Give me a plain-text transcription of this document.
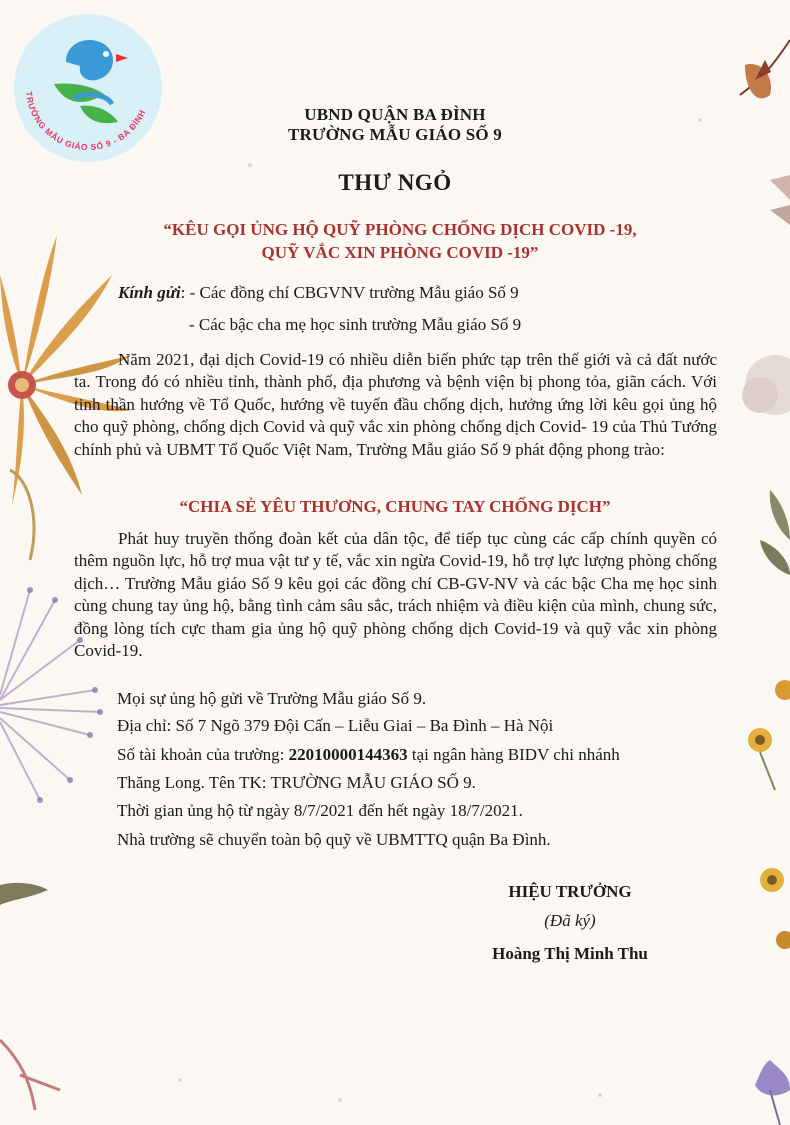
TRƯỜNG MẪU GIÁO SỐ 9 - BA ĐÌNH	UBND QUẬN BA ĐÌNH
TRƯỜNG MẪU GIÁO SỐ 9
THƯ NGỎ
“KÊU GỌI ỦNG HỘ QUỸ PHÒNG CHỐNG DỊCH COVID -19,
QUỸ VẮC XIN PHÒNG COVID -19”
Kính gửi: - Các đồng chí CBGVNV trường Mẫu giáo Số 9
- Các bậc cha mẹ học sinh trường Mẫu giáo Số 9
Năm 2021, đại dịch Covid-19 có nhiều diễn biến phức tạp trên thế giới và cả đất nước ta. Trong đó có nhiều tỉnh, thành phố, địa phương và bệnh viện bị phong tỏa, giãn cách. Với tinh thần hướng về Tổ Quốc, hướng về tuyến đầu chống dịch, hưởng ứng lời kêu gọi ủng hộ cho quỹ phòng, chống dịch Covid và quỹ vắc xin phòng chống dịch Covid- 19 của Thủ Tướng chính phủ và UBMT Tổ Quốc Việt Nam, Trường Mẫu giáo Số 9 phát động phong trào:
“CHIA SẺ YÊU THƯƠNG, CHUNG TAY CHỐNG DỊCH”
Phát huy truyền thống đoàn kết của dân tộc, để tiếp tục cùng các cấp chính quyền có thêm nguồn lực, hỗ trợ mua vật tư y tế, vắc xin ngừa Covid-19, hỗ trợ lực lượng phòng chống dịch… Trường Mẫu giáo Số 9 kêu gọi các đồng chí CB-GV-NV và các bậc Cha mẹ học sinh cùng chung tay ủng hộ, bằng tình cảm sâu sắc, trách nhiệm và điều kiện của mình, chung sức, đồng lòng tích cực tham gia ủng hộ quỹ phòng chống dịch Covid-19 và quỹ vắc xin phòng Covid-19.
Mọi sự ủng hộ gửi về Trường Mẫu giáo Số 9.
Địa chỉ: Số 7 Ngõ 379 Đội Cấn – Liễu Giai – Ba Đình – Hà Nội
Số tài khoản của trường: 22010000144363 tại ngân hàng BIDV chi nhánh
Thăng Long. Tên TK: TRƯỜNG MẪU GIÁO SỐ 9.
Thời gian ủng hộ từ ngày 8/7/2021 đến hết ngày 18/7/2021.
Nhà trường sẽ chuyển toàn bộ quỹ về UBMTTQ quận Ba Đình.
HIỆU TRƯỞNG
(Đã ký)
Hoàng Thị Minh Thu
